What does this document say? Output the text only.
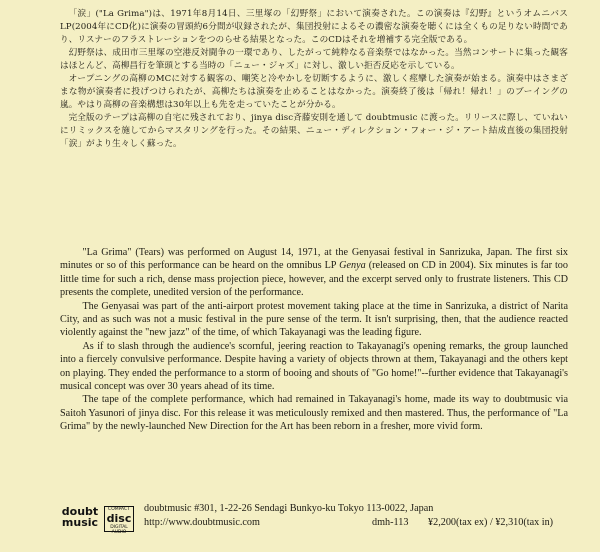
「涙」("La Grima")は、1971年8月14日、三里塚の「幻野祭」において演奏された。この演奏は『幻野』というオムニバスLP(2004年にCD化)に演奏の冒頭約6分間が収録されたが、集団投射によるその濃密な演奏を聴くには全くもの足りない時間であり、リスナーのフラストレーションをつのらせる結果となった。このCDはそれを増補する完全版である。

幻野祭は、成田市三里塚の空港反対闘争の一環であり、したがって純粋なる音楽祭ではなかった。当然コンサートに集った観客はほとんど、高柳昌行を筆頭とする当時の「ニュー・ジャズ」に対し、激しい拒否反応を示している。

オープニングの高柳のMCに対する観客の、嘲笑と冷やかしを切断するように、激しく痙攣した演奏が始まる。演奏中はさまざまな物が演奏者に投げつけられたが、高柳たちは演奏を止めることはなかった。演奏終了後は「帰れ！帰れ！」のブーイングの嵐。やはり高柳の音楽構想は30年以上も先を走っていたことが分かる。

完全版のテープは高柳の自宅に残されており、jinya disc斉藤安則を通して doubtmusic に渡った。リリースに際し、ていねいにリミックスを施してからマスタリングを行った。その結果、ニュー・ディレクション・フォー・ジ・アート結成直後の集団投射「涙」がより生々しく蘇った。

"La Grima" (Tears) was performed on August 14, 1971, at the Genyasai festival in Sanrizuka, Japan. The first six minutes or so of this performance can be heard on the omnibus LP Genya (released on CD in 2004). Six minutes is far too little time for such a rich, dense mass projection piece, however, and the excerpt served only to frustrate listeners. This CD presents the complete, unedited version of the performance.

The Genyasai was part of the anti-airport protest movement taking place at the time in Sanrizuka, a district of Narita City, and as such was not a music festival in the pure sense of the term. It isn't surprising, then, that the audience reacted violently against the "new jazz" of the time, of which Takayanagi was the leading figure.

As if to slash through the audience's scornful, jeering reaction to Takayanagi's opening remarks, the group launched into a fiercely convulsive performance. Despite having a variety of objects thrown at them, Takayanagi and the others kept on playing. They ended the performance to a storm of booing and shouts of "Go home!"--further evidence that Takayanagi's musical concept was over 30 years ahead of its time.

The tape of the complete performance, which had remained in Takayanagi's home, made its way to doubtmusic via Saitoh Yasunori of jinya disc. For this release it was meticulously remixed and then mastered. Thus, the performance of "La Grima" by the newly-launched New Direction for the Art has been reborn in a fresher, more vivid form.

doubt
music
COMPACT
disc
DIGITAL AUDIO
doubtmusic #301, 1-22-26 Sendagi Bunkyo-ku Tokyo 113-0022, Japan
http://www.doubtmusic.com	dmh-113 ¥2,200(tax ex) / ¥2,310(tax in)
